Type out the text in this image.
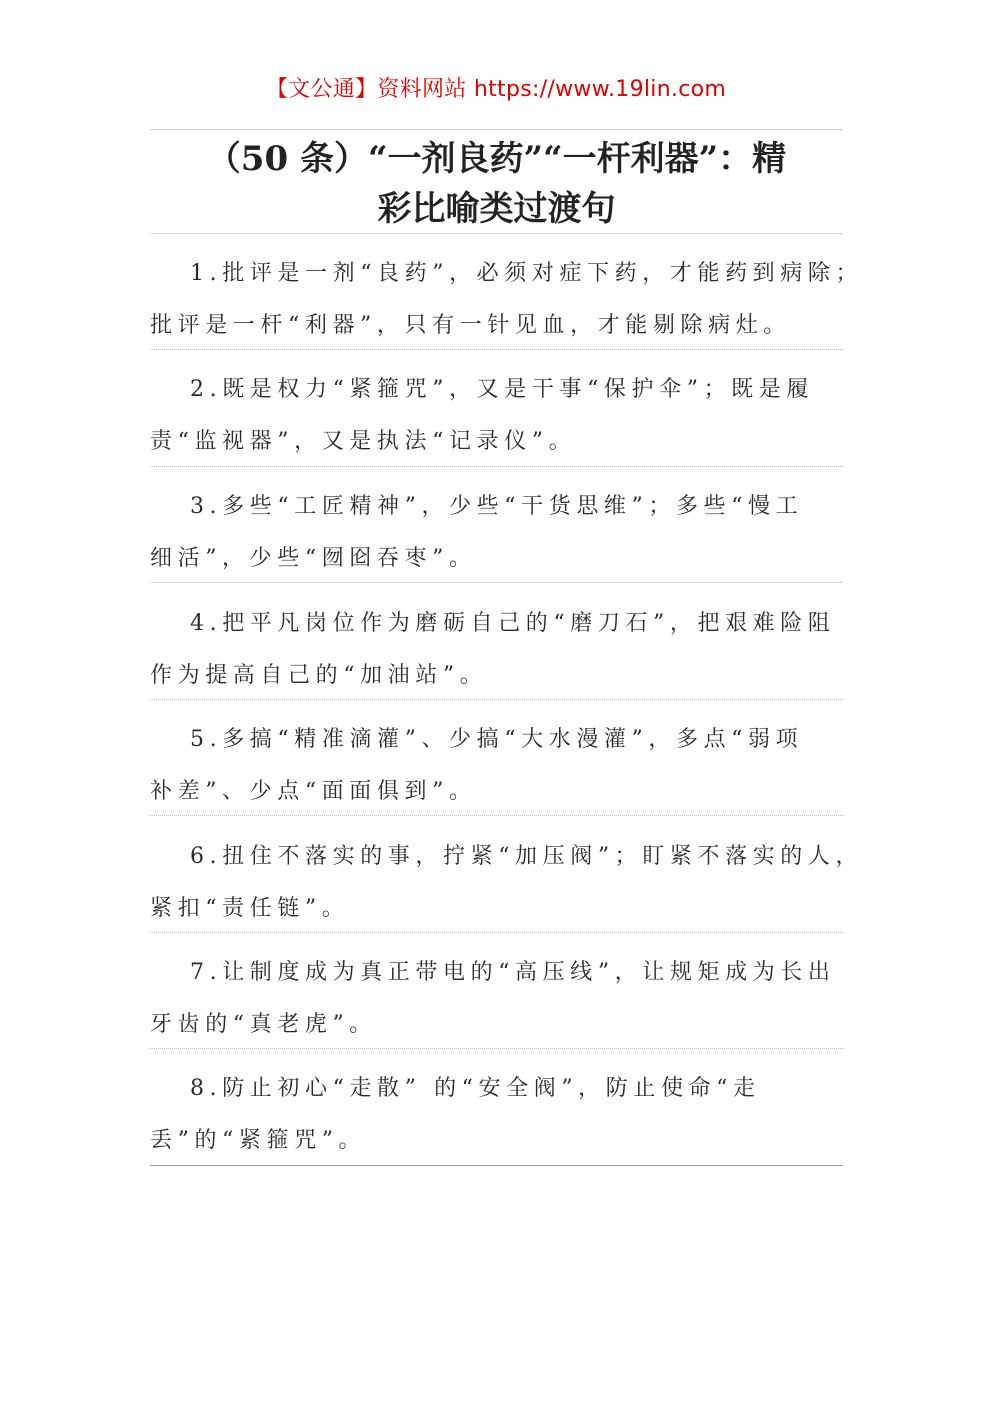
【文公通】资料网站 https://www.19lin.com
（50 条）“一剂良药”“一杆利器”：精
彩比喻类过渡句
1.批评是一剂“良药”，必须对症下药，才能药到病除；
批评是一杆“利器”，只有一针见血，才能剔除病灶。
2.既是权力“紧箍咒”，又是干事“保护伞”；既是履
责“监视器”，又是执法“记录仪”。
3.多些“工匠精神”，少些“干货思维”；多些“慢工
细活”，少些“囫囵吞枣”。
4.把平凡岗位作为磨砺自己的“磨刀石”，把艰难险阻
作为提高自己的“加油站”。
5.多搞“精准滴灌”、少搞“大水漫灌”，多点“弱项
补差”、少点“面面俱到”。
6.扭住不落实的事，拧紧“加压阀”；盯紧不落实的人，
紧扣“责任链”。
7.让制度成为真正带电的“高压线”，让规矩成为长出
牙齿的“真老虎”。
8.防止初心“走散” 的“安全阀”，防止使命“走
丢”的“紧箍咒”。
